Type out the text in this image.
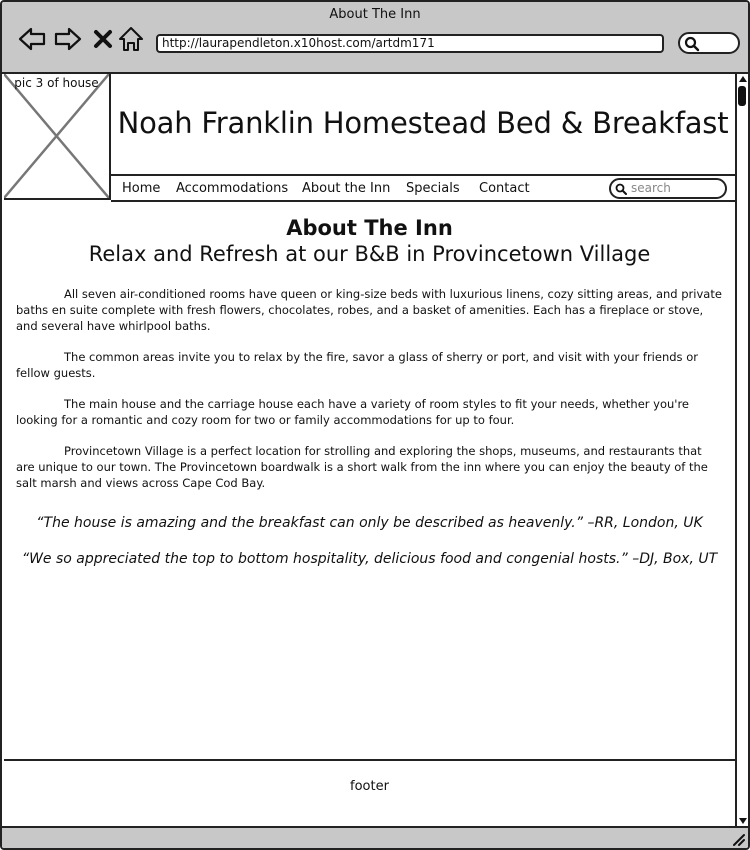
About The Inn
http://laurapendleton.x10host.com/artdm171
pic 3 of house
Noah Franklin Homestead Bed & Breakfast
Home Accommodations About the Inn Specials Contact	search
About The Inn
Relax and Refresh at our B&B in Provincetown Village

All seven air-conditioned rooms have queen or king-size beds with luxurious linens, cozy sitting areas, and private baths en suite complete with fresh flowers, chocolates, robes, and a basket of amenities. Each has a fireplace or stove, and several have whirlpool baths.

The common areas invite you to relax by the fire, savor a glass of sherry or port, and visit with your friends or fellow guests.

The main house and the carriage house each have a variety of room styles to fit your needs, whether you're looking for a romantic and cozy room for two or family accommodations for up to four.

Provincetown Village is a perfect location for strolling and exploring the shops, museums, and restaurants that are unique to our town. The Provincetown boardwalk is a short walk from the inn where you can enjoy the beauty of the salt marsh and views across Cape Cod Bay.

“The house is amazing and the breakfast can only be described as heavenly.” –RR, London, UK
“We so appreciated the top to bottom hospitality, delicious food and congenial hosts.” –DJ, Box, UT
footer
